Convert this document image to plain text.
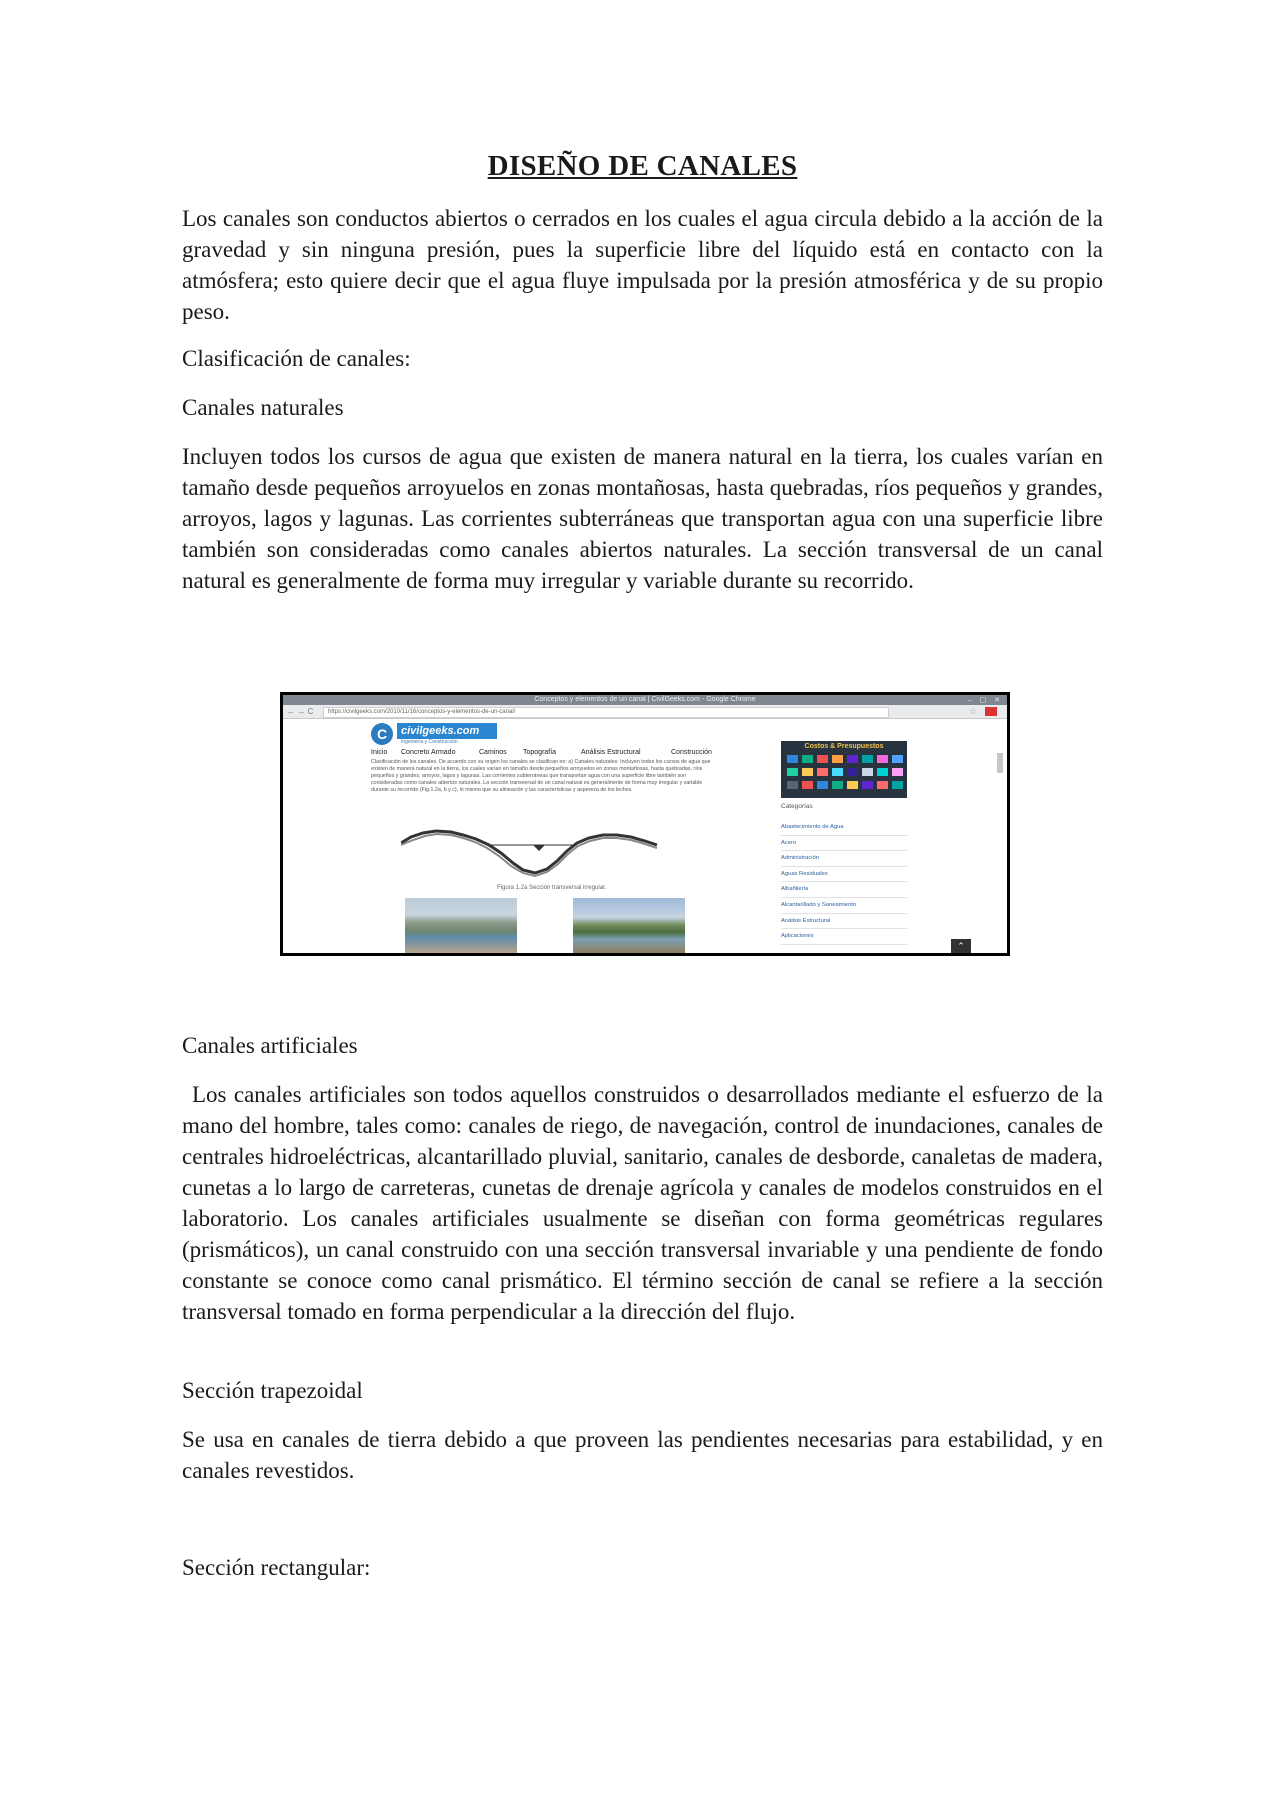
DISEÑO DE CANALES

Los canales son conductos abiertos o cerrados en los cuales el agua circula debido a la acción de la gravedad y sin ninguna presión, pues la superficie libre del líquido está en contacto con la atmósfera; esto quiere decir que el agua fluye impulsada por la presión atmosférica y de su propio peso.

Clasificación de canales:

Canales naturales

Incluyen todos los cursos de agua que existen de manera natural en la tierra, los cuales varían en tamaño desde pequeños arroyuelos en zonas montañosas, hasta quebradas, ríos pequeños y grandes, arroyos, lagos y lagunas. Las corrientes subterráneas que transportan agua con una superficie libre también son consideradas como canales abiertos naturales. La sección transversal de un canal natural es generalmente de forma muy irregular y variable durante su recorrido.

Conceptos y elementos de un canal | CivilGeeks.com - Google Chrome	– ▢ ✕
← → C	https://civilgeeks.com/2010/11/16/conceptos-y-elementos-de-un-canal/	☆
C	civilgeeks.com
Ingeniería y Construcción
Inicio Concreto Armado	Caminos Topografía	Análisis Estructural	Construcción
Clasificación de los canales. De acuerdo con su origen los canales se clasifican en: a) Canales naturales: Incluyen todos los cursos de agua que existen de manera natural en la tierra, los cuales varían en tamaño desde pequeños arroyuelos en zonas montañosas, hasta quebradas, ríos pequeños y grandes, arroyos, lagos y lagunas. Las corrientes subterráneas que transportan agua con una superficie libre también son consideradas como canales abiertos naturales. La sección transversal de un canal natural es generalmente de forma muy irregular y variable durante su recorrido (Fig.1.2a, b y c), lo mismo que su alineación y las características y aspereza de los lechos.
Figura 1.2a Sección transversal irregular.
Costos & Presupuestos
Categorías
Abastecimiento de Agua
Acero
Administración
Aguas Residuales
Albañilería
Alcantarillado y Saneamiento
Análisis Estructural
Aplicaciones
⌃

Canales artificiales

Los canales artificiales son todos aquellos construidos o desarrollados mediante el esfuerzo de la mano del hombre, tales como: canales de riego, de navegación, control de inundaciones, canales de centrales hidroeléctricas, alcantarillado pluvial, sanitario, canales de desborde, canaletas de madera, cunetas a lo largo de carreteras, cunetas de drenaje agrícola y canales de modelos construidos en el laboratorio. Los canales artificiales usualmente se diseñan con forma geométricas regulares (prismáticos), un canal construido con una sección transversal invariable y una pendiente de fondo constante se conoce como canal prismático. El término sección de canal se refiere a la sección transversal tomado en forma perpendicular a la dirección del flujo.

Sección trapezoidal

Se usa en canales de tierra debido a que proveen las pendientes necesarias para estabilidad, y en canales revestidos.

Sección rectangular:
